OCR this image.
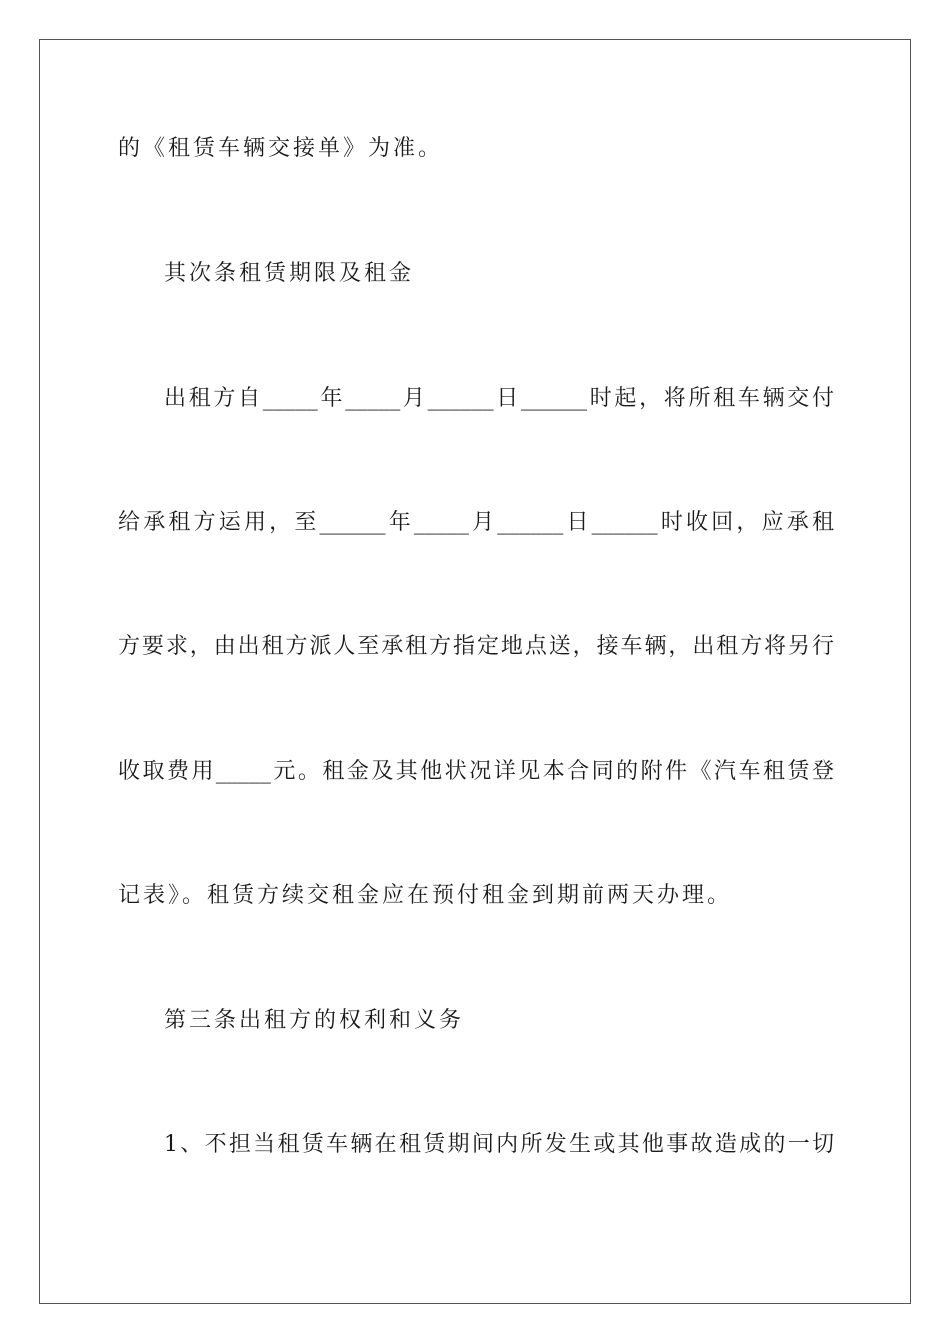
的《租赁车辆交接单》为准。
其次条租赁期限及租金
出租方自_____年_____月______日______时起，将所租车辆交付
给承租方运用，至______年_____月______日______时收回，应承租
方要求，由出租方派人至承租方指定地点送，接车辆，出租方将另行
收取费用_____元。租金及其他状况详见本合同的附件《汽车租赁登
记表》。租赁方续交租金应在预付租金到期前两天办理。
第三条出租方的权利和义务
1、不担当租赁车辆在租赁期间内所发生或其他事故造成的一切
